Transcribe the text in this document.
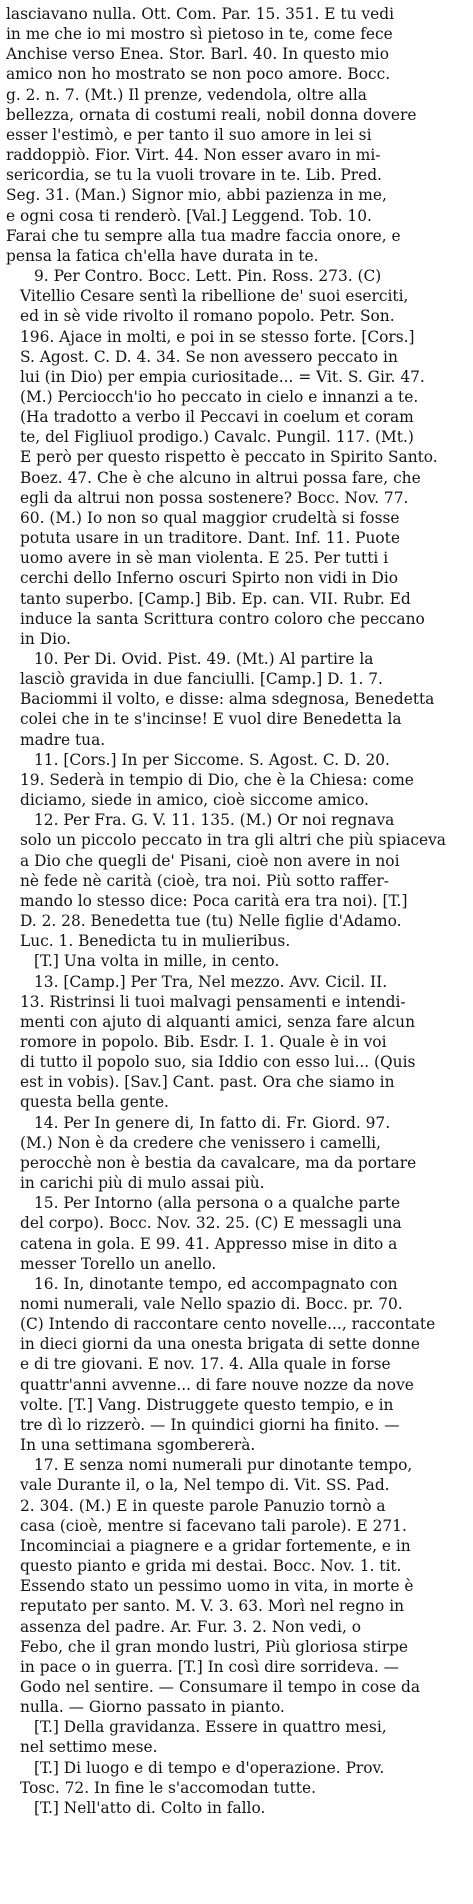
lasciavano nulla. Ott. Com. Par. 15. 351. E tu vedi
in me che io mi mostro sì pietoso in te, come fece
Anchise verso Enea. Stor. Barl. 40. In questo mio
amico non ho mostrato se non poco amore. Bocc.
g. 2. n. 7. (Mt.) Il prenze, vedendola, oltre alla
bellezza, ornata di costumi reali, nobil donna dovere
esser l'estimò, e per tanto il suo amore in lei si
raddoppiò. Fior. Virt. 44. Non esser avaro in mi-
sericordia, se tu la vuoli trovare in te. Lib. Pred.
Seg. 31. (Man.) Signor mio, abbi pazienza in me,
e ogni cosa ti renderò. [Val.] Leggend. Tob. 10.
Farai che tu sempre alla tua madre faccia onore, e
pensa la fatica ch'ella have durata in te.
9. Per Contro. Bocc. Lett. Pin. Ross. 273. (C)
Vitellio Cesare sentì la ribellione de' suoi eserciti,
ed in sè vide rivolto il romano popolo. Petr. Son.
196. Ajace in molti, e poi in se stesso forte. [Cors.]
S. Agost. C. D. 4. 34. Se non avessero peccato in
lui (in Dio) per empia curiositade... = Vit. S. Gir. 47.
(M.) Perciocch'io ho peccato in cielo e innanzi a te.
(Ha tradotto a verbo il Peccavi in coelum et coram
te, del Figliuol prodigo.) Cavalc. Pungil. 117. (Mt.)
E però per questo rispetto è peccato in Spirito Santo.
Boez. 47. Che è che alcuno in altrui possa fare, che
egli da altrui non possa sostenere? Bocc. Nov. 77.
60. (M.) Io non so qual maggior crudeltà si fosse
potuta usare in un traditore. Dant. Inf. 11. Puote
uomo avere in sè man violenta. E 25. Per tutti i
cerchi dello Inferno oscuri Spirto non vidi in Dio
tanto superbo. [Camp.] Bib. Ep. can. VII. Rubr. Ed
induce la santa Scrittura contro coloro che peccano
in Dio.
10. Per Di. Ovid. Pist. 49. (Mt.) Al partire la
lasciò gravida in due fanciulli. [Camp.] D. 1. 7.
Baciommi il volto, e disse: alma sdegnosa, Benedetta
colei che in te s'incinse! E vuol dire Benedetta la
madre tua.
11. [Cors.] In per Siccome. S. Agost. C. D. 20.
19. Sederà in tempio di Dio, che è la Chiesa: come
diciamo, siede in amico, cioè siccome amico.
12. Per Fra. G. V. 11. 135. (M.) Or noi regnava
solo un piccolo peccato in tra gli altri che più spiaceva
a Dio che quegli de' Pisani, cioè non avere in noi
nè fede nè carità (cioè, tra noi. Più sotto raffer-
mando lo stesso dice: Poca carità era tra noi). [T.]
D. 2. 28. Benedetta tue (tu) Nelle figlie d'Adamo.
Luc. 1. Benedicta tu in mulieribus.
[T.] Una volta in mille, in cento.
13. [Camp.] Per Tra, Nel mezzo. Avv. Cicil. II.
13. Ristrinsi li tuoi malvagi pensamenti e intendi-
menti con ajuto di alquanti amici, senza fare alcun
romore in popolo. Bib. Esdr. I. 1. Quale è in voi
di tutto il popolo suo, sia Iddio con esso lui... (Quis
est in vobis). [Sav.] Cant. past. Ora che siamo in
questa bella gente.
14. Per In genere di, In fatto di. Fr. Giord. 97.
(M.) Non è da credere che venissero i camelli,
perocchè non è bestia da cavalcare, ma da portare
in carichi più di mulo assai più.
15. Per Intorno (alla persona o a qualche parte
del corpo). Bocc. Nov. 32. 25. (C) E messagli una
catena in gola. E 99. 41. Appresso mise in dito a
messer Torello un anello.
16. In, dinotante tempo, ed accompagnato con
nomi numerali, vale Nello spazio di. Bocc. pr. 70.
(C) Intendo di raccontare cento novelle..., raccontate
in dieci giorni da una onesta brigata di sette donne
e di tre giovani. E nov. 17. 4. Alla quale in forse
quattr'anni avvenne... di fare nouve nozze da nove
volte. [T.] Vang. Distruggete questo tempio, e in
tre dì lo rizzerò. — In quindici giorni ha finito. —
In una settimana sgombererà.
17. E senza nomi numerali pur dinotante tempo,
vale Durante il, o la, Nel tempo di. Vit. SS. Pad.
2. 304. (M.) E in queste parole Panuzio tornò a
casa (cioè, mentre si facevano tali parole). E 271.
Incominciai a piagnere e a gridar fortemente, e in
questo pianto e grida mi destai. Bocc. Nov. 1. tit.
Essendo stato un pessimo uomo in vita, in morte è
reputato per santo. M. V. 3. 63. Morì nel regno in
assenza del padre. Ar. Fur. 3. 2. Non vedi, o
Febo, che il gran mondo lustri, Più gloriosa stirpe
in pace o in guerra. [T.] In così dire sorrideva. —
Godo nel sentire. — Consumare il tempo in cose da
nulla. — Giorno passato in pianto.
[T.] Della gravidanza. Essere in quattro mesi,
nel settimo mese.
[T.] Di luogo e di tempo e d'operazione. Prov.
Tosc. 72. In fine le s'accomodan tutte.
[T.] Nell'atto di. Colto in fallo.
